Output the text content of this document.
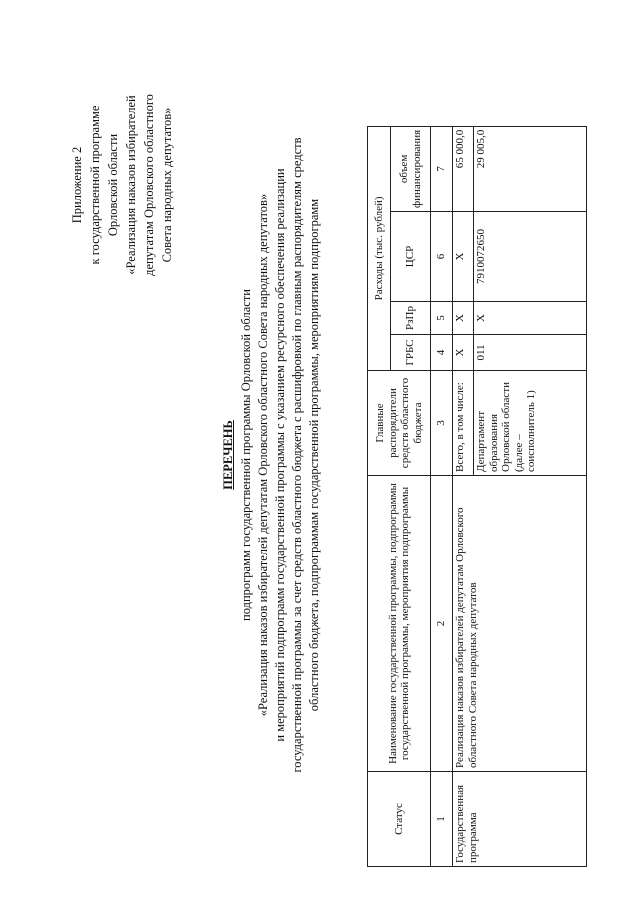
Приложение 2 к государственной программе Орловской области «Реализация наказов избирателей депутатам Орловского областного Совета народных депутатов»
ПЕРЕЧЕНЬ подпрограмм государственной программы Орловской области «Реализация наказов избирателей депутатам Орловского областного Совета народных депутатов» и мероприятий подпрограмм государственной программы с указанием ресурсного обеспечения реализации государственной программы за счет средств областного бюджета с расшифровкой по главным распорядителям средств областного бюджета, подпрограммам государственной программы, мероприятиям подпрограмм
Статус	Наименование государственной программы, подпрограммы государственной программы, мероприятия подпрограммы	Главные распорядители средств областного бюджета	Расходы (тыс. рублей)			
			ГРБС	РзПр	ЦСР	объем финансирования
1	2	3	4	5	6	7
Государственная программа	Реализация наказов избирателей депутатам Орловского областного Совета народных депутатов	Всего, в том числе:	Х	Х	Х	65 000,0
		Департамент образования Орловской области (далее – соисполнитель 1)	011	Х	7910072650	29 005,0
